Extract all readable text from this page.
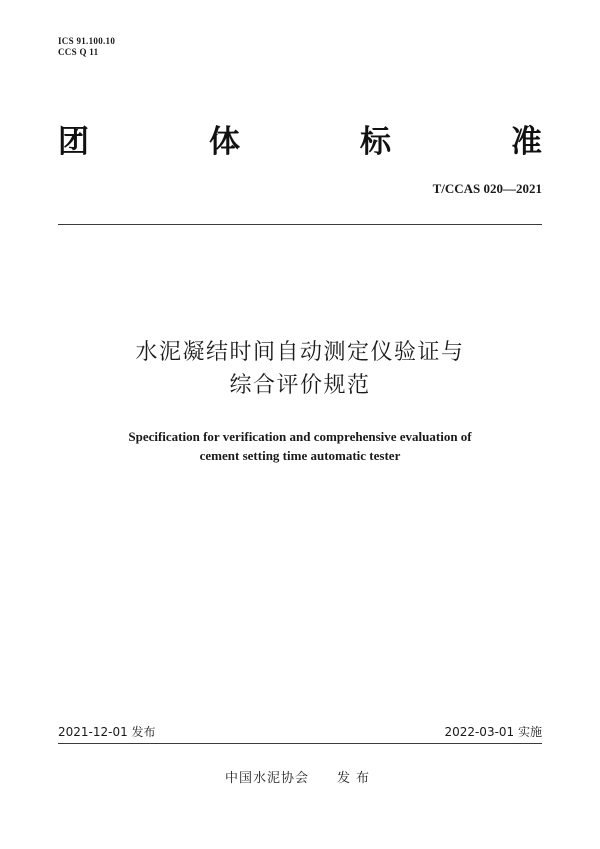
ICS 91.100.10
CCS Q 11
团	体	标	准
T/CCAS 020—2021
水泥凝结时间自动测定仪验证与
综合评价规范
Specification for verification and comprehensive evaluation of
cement setting time automatic tester
2021-12-01 发布	2022-03-01 实施
中国水泥协会 发布
